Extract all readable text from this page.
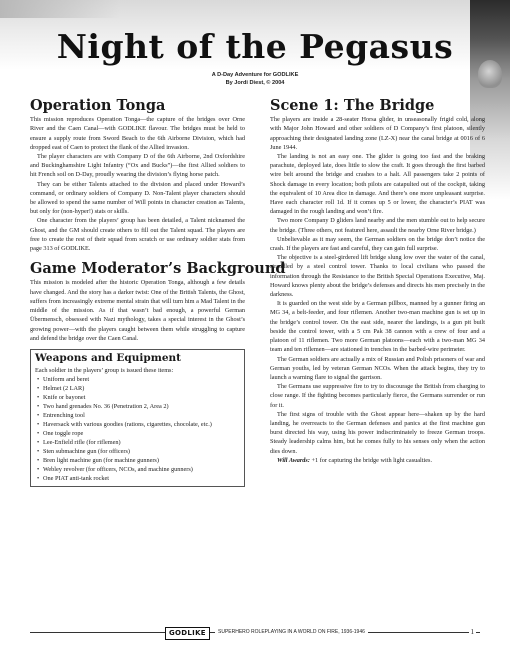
Night of the Pegasus
A D-Day Adventure for GODLIKE
By Jordi Diest, © 2004
Operation Tonga

This mission reproduces Operation Tonga—the capture of the bridges over Orne River and the Caen Canal—with GODLIKE flavour. The bridges must be held to ensure a supply route from Sword Beach to the 6th Airborne Division, which had dropped east of Caen to protect the flank of the Allied invasion.

The player characters are with Company D of the 6th Airborne, 2nd Oxfordshire and Buckinghamshire Light Infantry (“Ox and Bucks”)—the first Allied soldiers to hit French soil on D-Day, proudly wearing the division’s flying horse patch.

They can be either Talents attached to the division and placed under Howard’s command, or ordinary soldiers of Company D. Non-Talent player characters should be allowed to spend the same number of Will points in character creation as Talents, but only for (non-hyper!) stats or skills.

One character from the players’ group has been detailed, a Talent nicknamed the Ghost, and the GM should create others to fill out the Talent squad. The players are free to create the rest of their squad from scratch or use ordinary soldier stats from page 313 of GODLIKE.

Game Moderator’s Background

This mission is modeled after the historic Operation Tonga, although a few details have changed. And the story has a darker twist: One of the British Talents, the Ghost, suffers from increasingly extreme mental strain that will turn him a Mad Talent in the middle of the mission. As if that wasn’t bad enough, a powerful German Übermensch, obsessed with Nazi mythology, takes a special interest in the Ghost’s growing power—with the players caught between them while struggling to capture and defend the bridge over the Caen Canal.

Weapons and Equipment

Each soldier in the players’ group is issued these items:

• Uniform and beret
• Helmet (2 LAR)
• Knife or bayonet
• Two hand grenades No. 36 (Penetration 2, Area 2)
• Entrenching tool
• Haversack with various goodies (rations, cigarettes, chocolate, etc.)
• One toggle rope
• Lee-Enfield rifle (for riflemen)
• Sten submachine gun (for officers)
• Bren light machine gun (for machine gunners)
• Webley revolver (for officers, NCOs, and machine gunners)
• One PIAT anti-tank rocket
Scene 1: The Bridge

The players are inside a 28-seater Horsa glider, in unseasonally frigid cold, along with Major John Howard and other soldiers of D Company’s first platoon, silently approaching their designated landing zone (LZ-X) near the canal bridge at 0016 of 6 June 1944.

The landing is not an easy one. The glider is going too fast and the braking parachute, deployed late, does little to slow the craft. It goes through the first barbed wire belt around the bridge and crashes to a halt. All passengers take 2 points of Shock damage in every location; both pilots are catapulted out of the cockpit, taking the equivalent of 10 Area dice in damage. And there’s one more unpleasant surprise. Have each character roll 1d. If it comes up 5 or lower, the character’s PIAT was damaged in the rough landing and won’t fire.

Two more Company D gliders land nearby and the men stumble out to help secure the bridge. (Three others, not featured here, assault the nearby Orne River bridge.)

Unbelievable as it may seem, the German soldiers on the bridge don’t notice the crash. If the players are fast and careful, they can gain full surprise.

The objective is a steel-girdered lift bridge slung low over the water of the canal, straddled by a steel control tower. Thanks to local civilians who passed the information through the Resistance to the British Special Operations Executive, Maj. Howard knows plenty about the bridge’s defenses and directs his men precisely in the darkness.

It is guarded on the west side by a German pillbox, manned by a gunner firing an MG 34, a belt-feeder, and four riflemen. Another two-man machine gun is set up in the bridge’s control tower. On the east side, nearer the landings, is a gun pit built beside the control tower, with a 5 cm Pak 38 cannon with a crew of four and a platoon of 11 riflemen. Two more German platoons—each with a two-man MG 34 team and ten riflemen—are stationed in trenches in the barbed-wire perimeter.

The German soldiers are actually a mix of Russian and Polish prisoners of war and German youths, led by veteran German NCOs. When the attack begins, they try to launch a warning flare to signal the garrison.

The Germans use suppressive fire to try to discourage the British from charging to close range. If the fighting becomes particularly fierce, the Germans surrender or run for it.

The first signs of trouble with the Ghost appear here—shaken up by the hard landing, he overreacts to the German defenses and panics at the first machine gun burst directed his way, using his power indiscriminately to freeze German troops. Steady leadership calms him, but he comes fully to his senses only when the action dies down.

Will Awards: +1 for capturing the bridge with light casualties.

GODLIKE	SUPERHERO ROLEPLAYING IN A WORLD ON FIRE, 1936-1946	1
